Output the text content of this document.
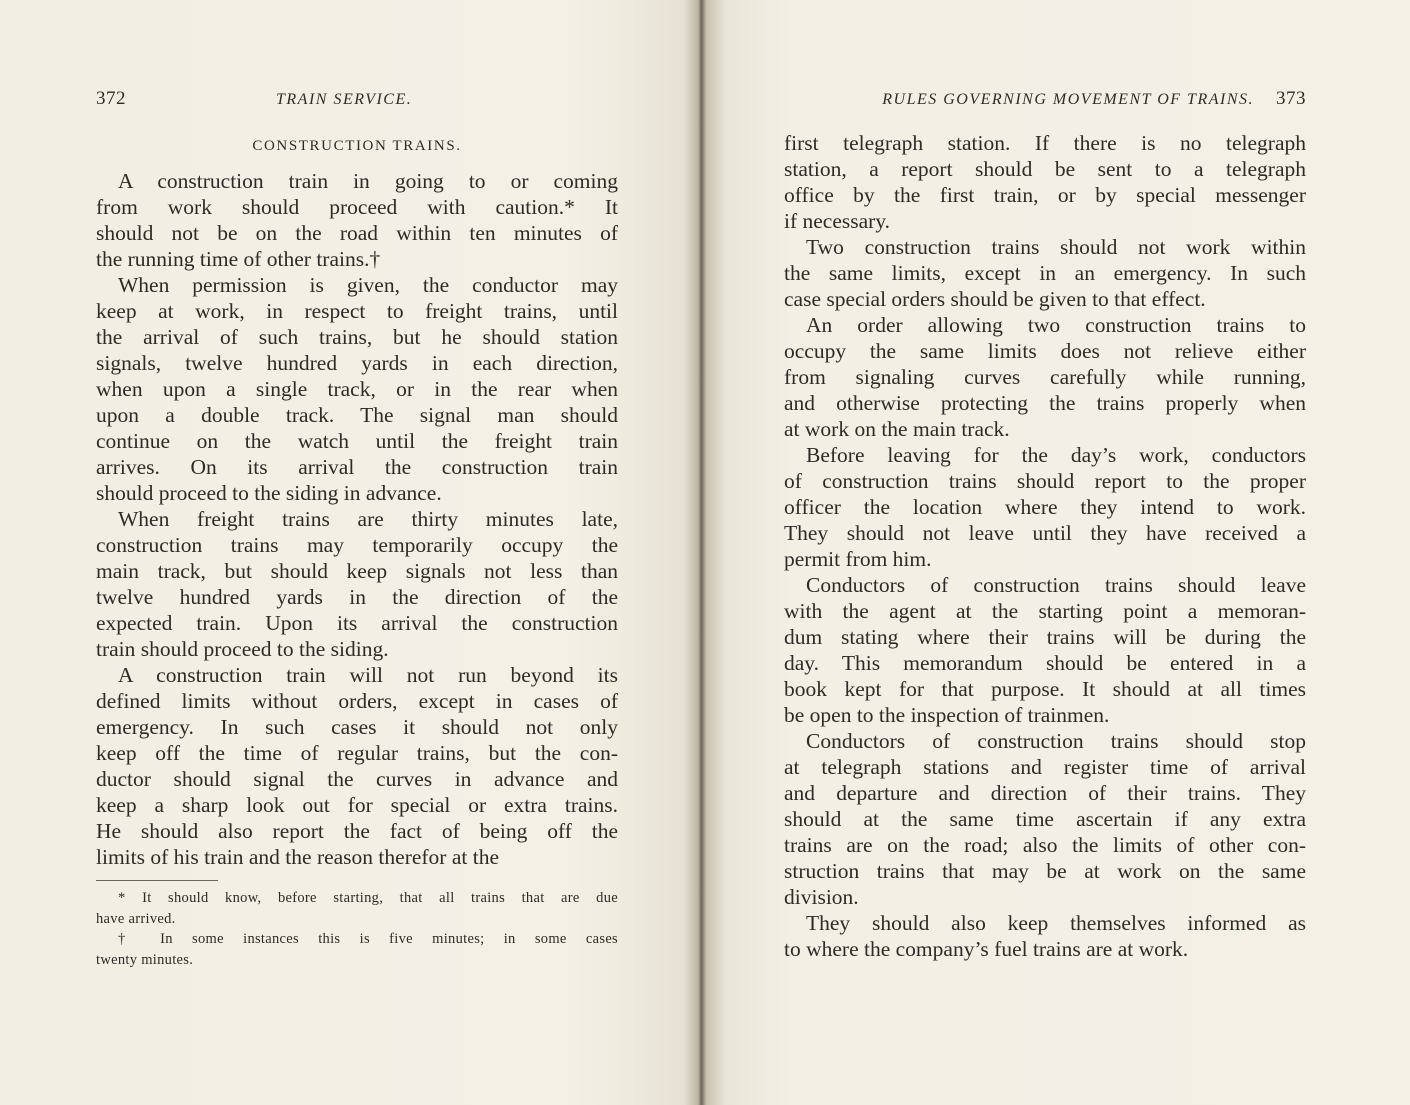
372	TRAIN SERVICE.
CONSTRUCTION TRAINS.
A construction train in going to or coming
from work should proceed with caution.* It
should not be on the road within ten minutes of
the running time of other trains.†
When permission is given, the conductor may
keep at work, in respect to freight trains, until
the arrival of such trains, but he should station
signals, twelve hundred yards in each direction,
when upon a single track, or in the rear when
upon a double track. The signal man should
continue on the watch until the freight train
arrives. On its arrival the construction train
should proceed to the siding in advance.
When freight trains are thirty minutes late,
construction trains may temporarily occupy the
main track, but should keep signals not less than
twelve hundred yards in the direction of the
expected train. Upon its arrival the construction
train should proceed to the siding.
A construction train will not run beyond its
defined limits without orders, except in cases of
emergency. In such cases it should not only
keep off the time of regular trains, but the con-
ductor should signal the curves in advance and
keep a sharp look out for special or extra trains.
He should also report the fact of being off the
limits of his train and the reason therefor at the
* It should know, before starting, that all trains that are due
have arrived.
† In some instances this is five minutes; in some cases
twenty minutes.
RULES GOVERNING MOVEMENT OF TRAINS. 373
first telegraph station. If there is no telegraph
station, a report should be sent to a telegraph
office by the first train, or by special messenger
if necessary.
Two construction trains should not work within
the same limits, except in an emergency. In such
case special orders should be given to that effect.
An order allowing two construction trains to
occupy the same limits does not relieve either
from signaling curves carefully while running,
and otherwise protecting the trains properly when
at work on the main track.
Before leaving for the day’s work, conductors
of construction trains should report to the proper
officer the location where they intend to work.
They should not leave until they have received a
permit from him.
Conductors of construction trains should leave
with the agent at the starting point a memoran-
dum stating where their trains will be during the
day. This memorandum should be entered in a
book kept for that purpose. It should at all times
be open to the inspection of trainmen.
Conductors of construction trains should stop
at telegraph stations and register time of arrival
and departure and direction of their trains. They
should at the same time ascertain if any extra
trains are on the road; also the limits of other con-
struction trains that may be at work on the same
division.
They should also keep themselves informed as
to where the company’s fuel trains are at work.
